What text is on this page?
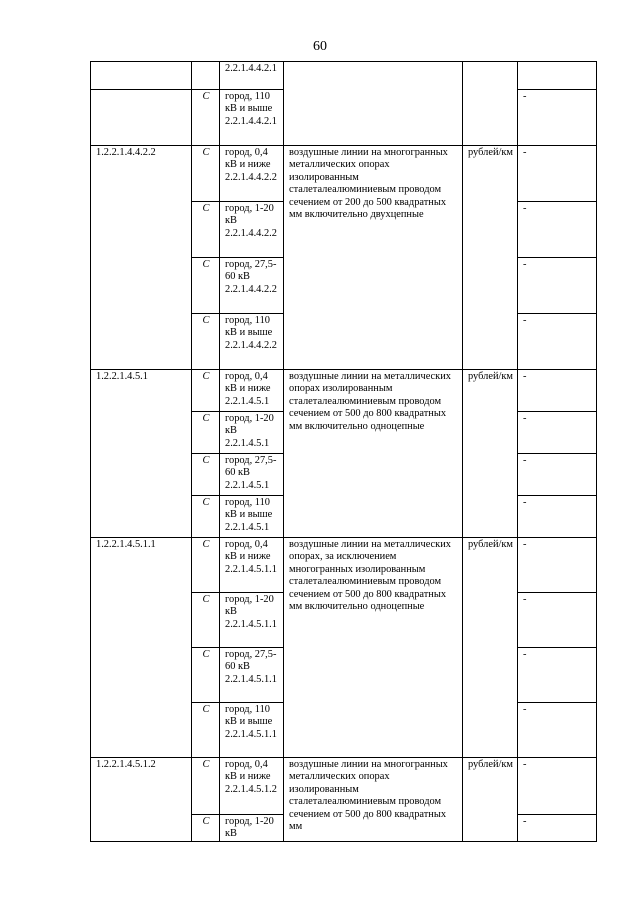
60
		2.2.1.4.4.2.1			
	С	город, 110 кВ и выше 2.2.1.4.4.2.1			-
1.2.2.1.4.4.2.2	С	город, 0,4 кВ и ниже 2.2.1.4.4.2.2	воздушные линии на многогранных металлических опорах изолированным сталеталеалюминиевым проводом сечением от 200 до 500 квадратных мм включительно двухцепные	рублей/км	-
	С	город, 1-20 кВ 2.2.1.4.4.2.2			-
	С	город, 27,5-60 кВ 2.2.1.4.4.2.2			-
	С	город, 110 кВ и выше 2.2.1.4.4.2.2			-
1.2.2.1.4.5.1	С	город, 0,4 кВ и ниже 2.2.1.4.5.1	воздушные линии на металлических опорах изолированным сталеталеалюминиевым проводом сечением от 500 до 800 квадратных мм включительно одноцепные	рублей/км	-
	С	город, 1-20 кВ 2.2.1.4.5.1			-
	С	город, 27,5-60 кВ 2.2.1.4.5.1			-
	С	город, 110 кВ и выше 2.2.1.4.5.1			-
1.2.2.1.4.5.1.1	С	город, 0,4 кВ и ниже 2.2.1.4.5.1.1	воздушные линии на металлических опорах, за исключением многогранных изолированным сталеталеалюминиевым проводом сечением от 500 до 800 квадратных мм включительно одноцепные	рублей/км	-
	С	город, 1-20 кВ 2.2.1.4.5.1.1			-
	С	город, 27,5-60 кВ 2.2.1.4.5.1.1			-
	С	город, 110 кВ и выше 2.2.1.4.5.1.1			-
1.2.2.1.4.5.1.2	С	город, 0,4 кВ и ниже 2.2.1.4.5.1.2	воздушные линии на многогранных металлических опорах изолированным сталеталеалюминиевым проводом сечением от 500 до 800 квадратных мм	рублей/км	-
	С	город, 1-20 кВ			-
